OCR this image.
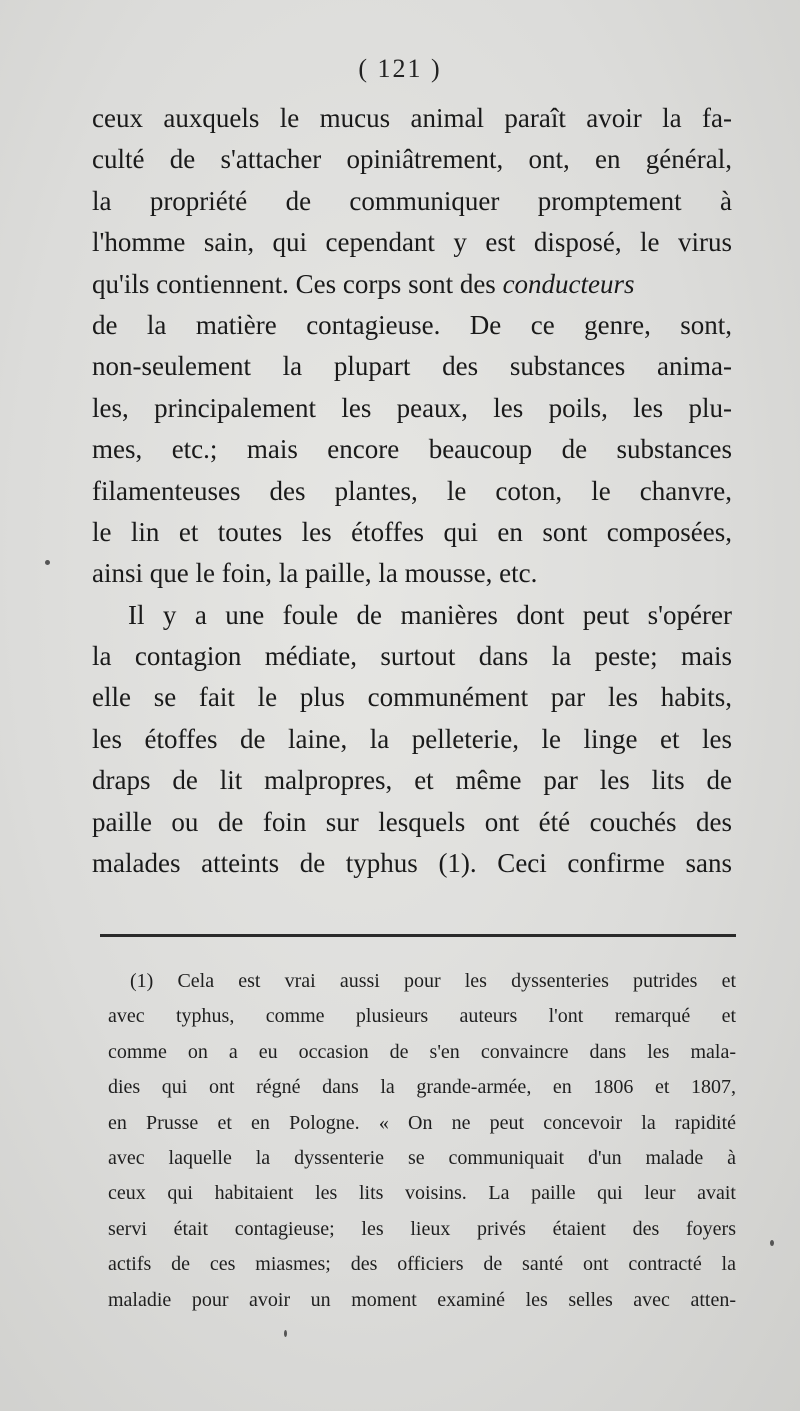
( 121 )
ceux auxquels le mucus animal paraît avoir la fa-
culté de s'attacher opiniâtrement, ont, en général,
la propriété de communiquer promptement à
l'homme sain, qui cependant y est disposé, le virus
qu'ils contiennent. Ces corps sont des conducteurs
de la matière contagieuse. De ce genre, sont,
non-seulement la plupart des substances anima-
les, principalement les peaux, les poils, les plu-
mes, etc.; mais encore beaucoup de substances
filamenteuses des plantes, le coton, le chanvre,
le lin et toutes les étoffes qui en sont composées,
ainsi que le foin, la paille, la mousse, etc.
Il y a une foule de manières dont peut s'opérer
la contagion médiate, surtout dans la peste; mais
elle se fait le plus communément par les habits,
les étoffes de laine, la pelleterie, le linge et les
draps de lit malpropres, et même par les lits de
paille ou de foin sur lesquels ont été couchés des
malades atteints de typhus (1). Ceci confirme sans
(1) Cela est vrai aussi pour les dyssenteries putrides et
avec typhus, comme plusieurs auteurs l'ont remarqué et
comme on a eu occasion de s'en convaincre dans les mala-
dies qui ont régné dans la grande-armée, en 1806 et 1807,
en Prusse et en Pologne. « On ne peut concevoir la rapidité
avec laquelle la dyssenterie se communiquait d'un malade à
ceux qui habitaient les lits voisins. La paille qui leur avait
servi était contagieuse; les lieux privés étaient des foyers
actifs de ces miasmes; des officiers de santé ont contracté la
maladie pour avoir un moment examiné les selles avec atten-
